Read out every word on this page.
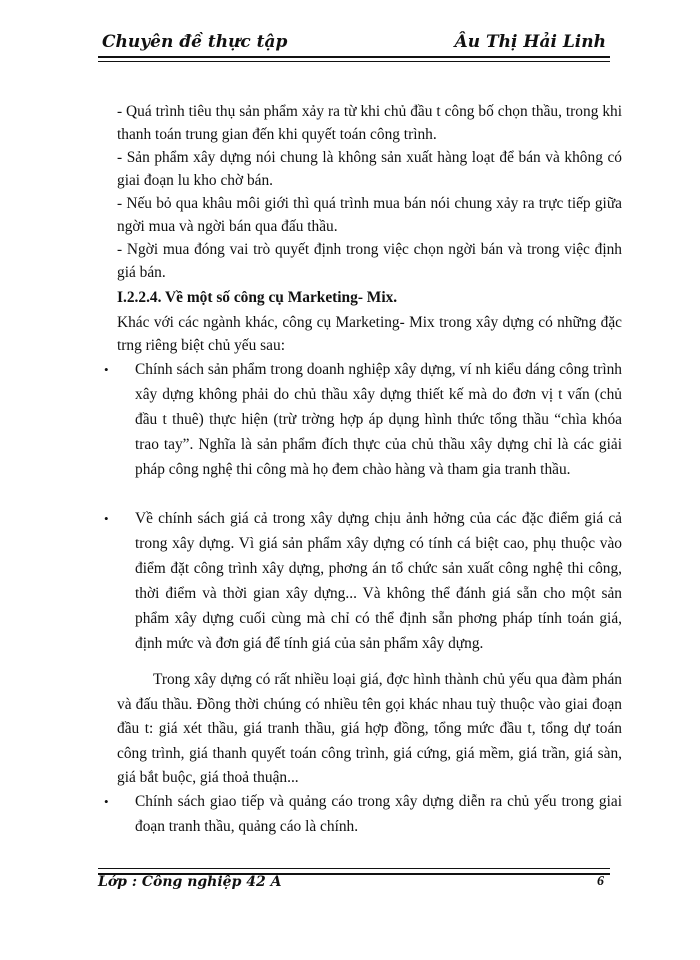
Chuyên đề thực tập	Âu Thị Hải Linh
- Quá trình tiêu thụ sản phẩm xảy ra từ khi chủ đầu t công bố chọn thầu, trong khi thanh toán trung gian đến khi quyết toán công trình.
- Sản phẩm xây dựng nói chung là không sản xuất hàng loạt để bán và không có giai đoạn lu kho chờ bán.
- Nếu bỏ qua khâu môi giới thì quá trình mua bán nói chung xảy ra trực tiếp giữa ngời mua và ngời bán qua đấu thầu.
- Ngời mua đóng vai trò quyết định trong việc chọn ngời bán và trong việc định giá bán.
I.2.2.4. Về một số công cụ Marketing- Mix.
Khác với các ngành khác, công cụ Marketing- Mix trong xây dựng có những đặc trng riêng biệt chủ yếu sau:
• Chính sách sản phẩm trong doanh nghiệp xây dựng, ví nh kiểu dáng công trình xây dựng không phải do chủ thầu xây dựng thiết kế mà do đơn vị t vấn (chủ đầu t thuê) thực hiện (trừ trờng hợp áp dụng hình thức tổng thầu “chìa khóa trao tay”. Nghĩa là sản phẩm đích thực của chủ thầu xây dựng chỉ là các giải pháp công nghệ thi công mà họ đem chào hàng và tham gia tranh thầu.
• Về chính sách giá cả trong xây dựng chịu ảnh hởng của các đặc điểm giá cả trong xây dựng. Vì giá sản phẩm xây dựng có tính cá biệt cao, phụ thuộc vào điểm đặt công trình xây dựng, phơng án tổ chức sản xuất công nghệ thi công, thời điểm và thời gian xây dựng... Và không thể đánh giá sẵn cho một sản phẩm xây dựng cuối cùng mà chỉ có thể định sẵn phơng pháp tính toán giá, định mức và đơn giá để tính giá của sản phẩm xây dựng.
Trong xây dựng có rất nhiều loại giá, đợc hình thành chủ yếu qua đàm phán và đấu thầu. Đồng thời chúng có nhiều tên gọi khác nhau tuỳ thuộc vào giai đoạn đầu t: giá xét thầu, giá tranh thầu, giá hợp đồng, tổng mức đầu t, tổng dự toán công trình, giá thanh quyết toán công trình, giá cứng, giá mềm, giá trần, giá sàn, giá bắt buộc, giá thoả thuận...
• Chính sách giao tiếp và quảng cáo trong xây dựng diễn ra chủ yếu trong giai đoạn tranh thầu, quảng cáo là chính.
Lớp : Công nghiệp 42 A	6
